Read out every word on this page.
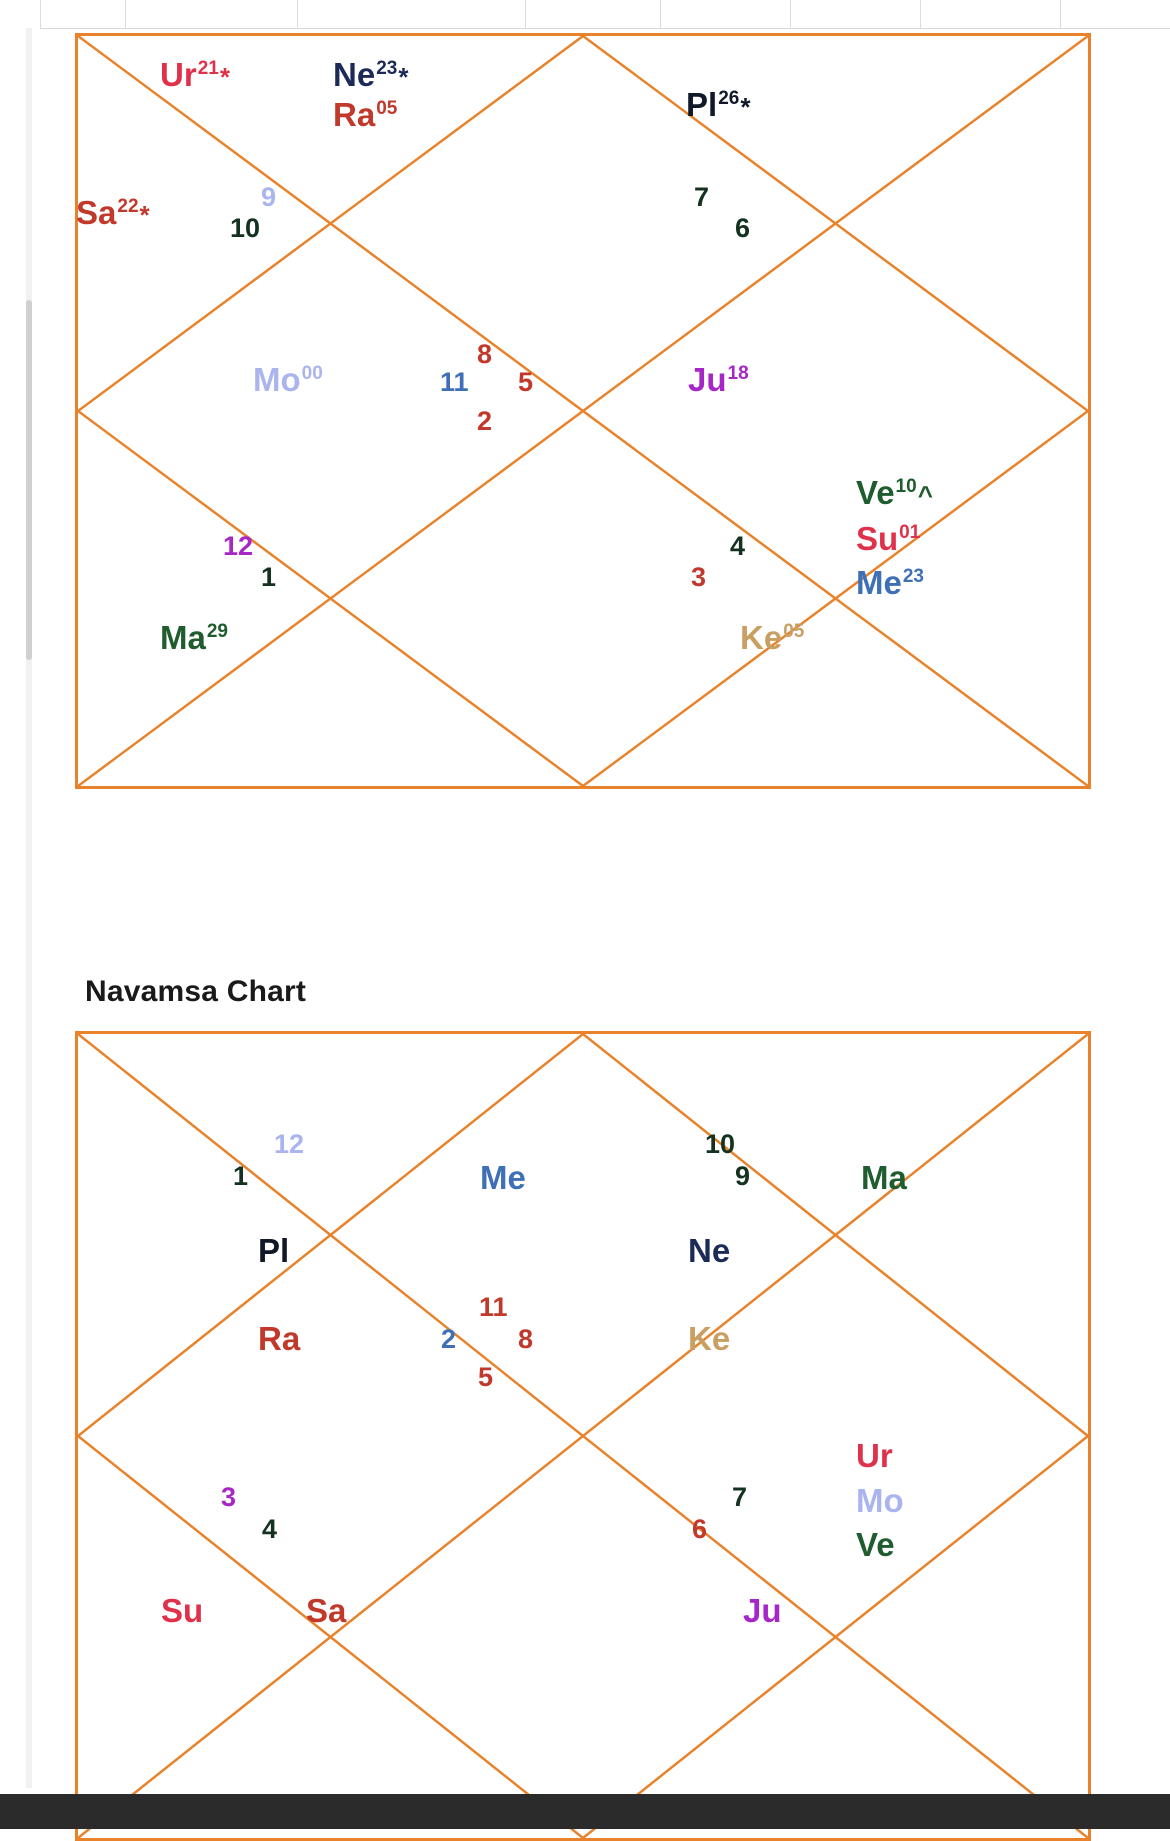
9
10
7
6
8
11 5
2
12
1
4
3
Ur$^{21}$*	Ne$^{23}$*
Ra$^{05}$	Pl$^{26}$*
Sa$^{22}$*
Mo$^{00}$	Ju$^{18}$
Ve$^{10}$^
Su$^{01}$
Me$^{23}$
Ma$^{29}$	Ke$^{05}$
Navamsa Chart
12
1
10
9
11
2 8
5
3
4
7
6
Me	Ma
Pl	Ne
Ra	Ke
Ur
Mo
Ve
Su	Sa	Ju
